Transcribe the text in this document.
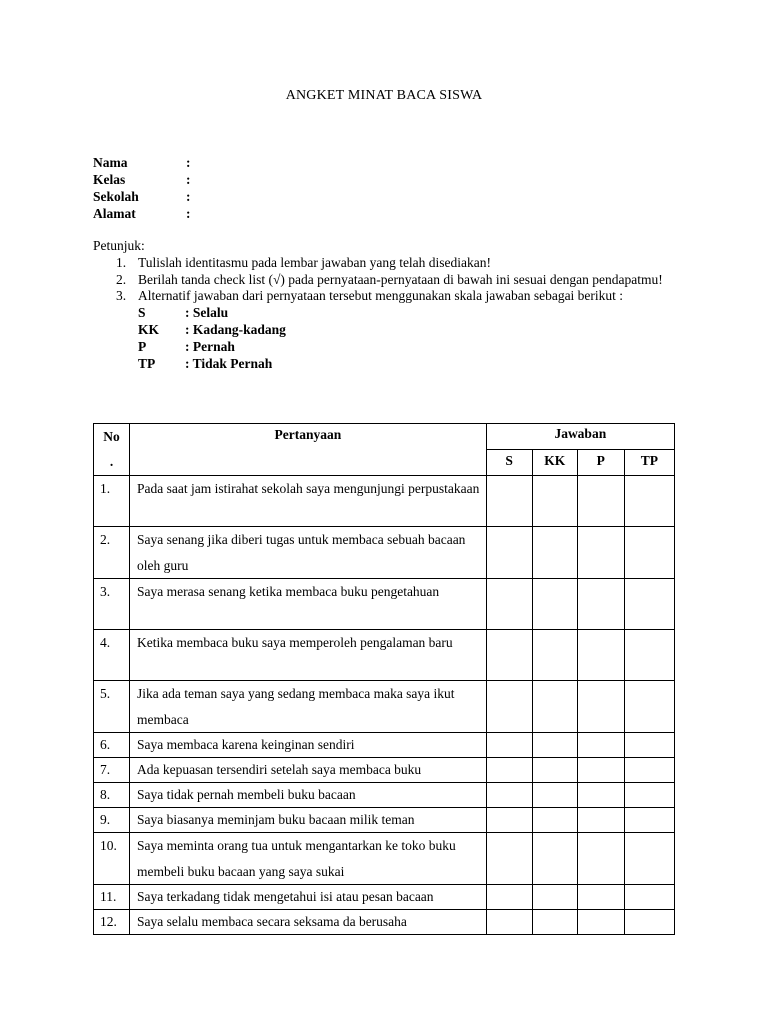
ANGKET MINAT BACA SISWA
Nama	:
Kelas	:
Sekolah	:
Alamat	:
Petunjuk:
1. Tulislah identitasmu pada lembar jawaban yang telah disediakan!
2. Berilah tanda check list (√) pada pernyataan-pernyataan di bawah ini sesuai dengan pendapatmu!
3. Alternatif jawaban dari pernyataan tersebut menggunakan skala jawaban sebagai berikut :
S	: Selalu
KK	: Kadang-kadang
P	: Pernah
TP	: Tidak Pernah
No
.	Pertanyaan	Jawaban			
		S	KK	P	TP
1.	Pada saat jam istirahat sekolah saya mengunjungi perpustakaan				
2.	Saya senang jika diberi tugas untuk membaca sebuah bacaan oleh guru				
3.	Saya merasa senang ketika membaca buku pengetahuan				
4.	Ketika membaca buku saya memperoleh pengalaman baru				
5.	Jika ada teman saya yang sedang membaca maka saya ikut membaca				
6.	Saya membaca karena keinginan sendiri				
7.	Ada kepuasan tersendiri setelah saya membaca buku				
8.	Saya tidak pernah membeli buku bacaan				
9.	Saya biasanya meminjam buku bacaan milik teman				
10.	Saya meminta orang tua untuk mengantarkan ke toko buku membeli buku bacaan yang saya sukai				
11.	Saya terkadang tidak mengetahui isi atau pesan bacaan				
12.	Saya selalu membaca secara seksama da berusaha				
